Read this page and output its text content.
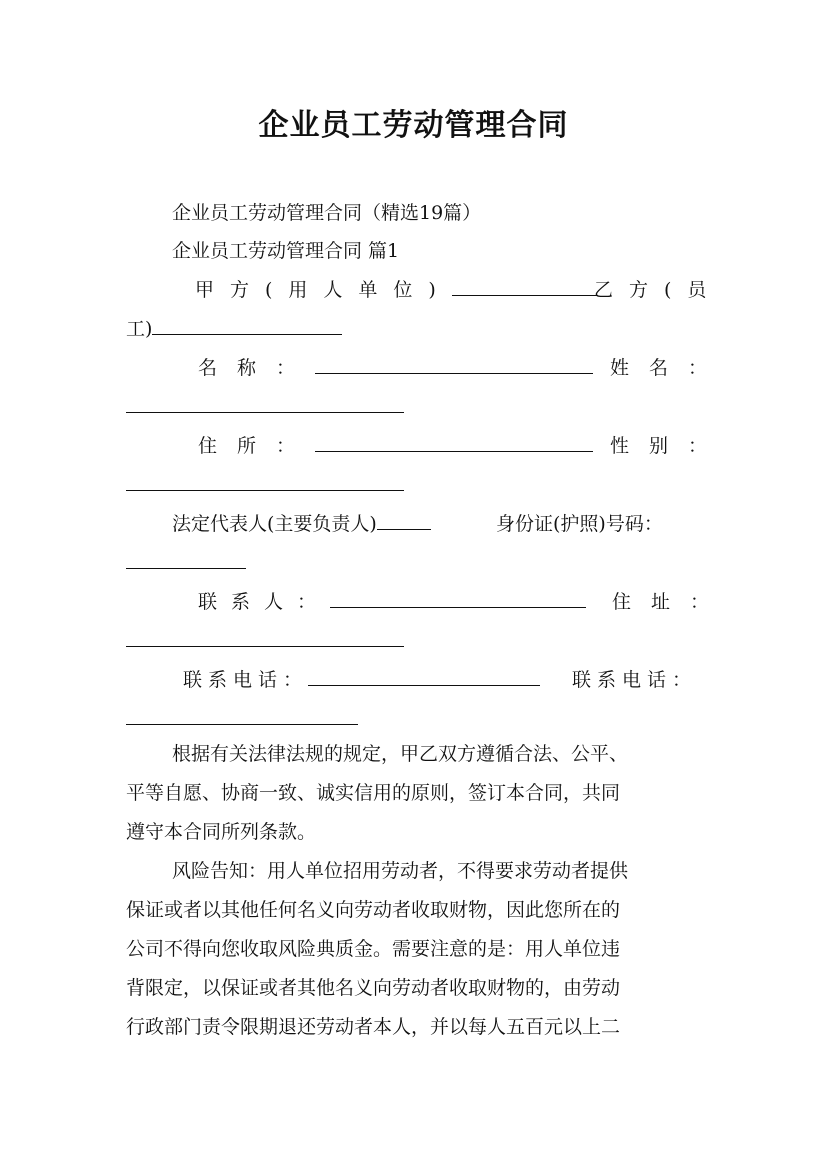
企业员工劳动管理合同
企业员工劳动管理合同（精选19篇）
企业员工劳动管理合同 篇1
甲方(用人单位)	乙方(员
工)
名称：	姓名：
住所：	性别：
法定代表人(主要负责人)	身份证(护照)号码：
联系人：	住址：
联系电话：	联系电话：
根据有关法律法规的规定，甲乙双方遵循合法、公平、
平等自愿、协商一致、诚实信用的原则，签订本合同，共同
遵守本合同所列条款。
风险告知：用人单位招用劳动者，不得要求劳动者提供
保证或者以其他任何名义向劳动者收取财物，因此您所在的
公司不得向您收取风险典质金。需要注意的是：用人单位违
背限定，以保证或者其他名义向劳动者收取财物的，由劳动
行政部门责令限期退还劳动者本人，并以每人五百元以上二
